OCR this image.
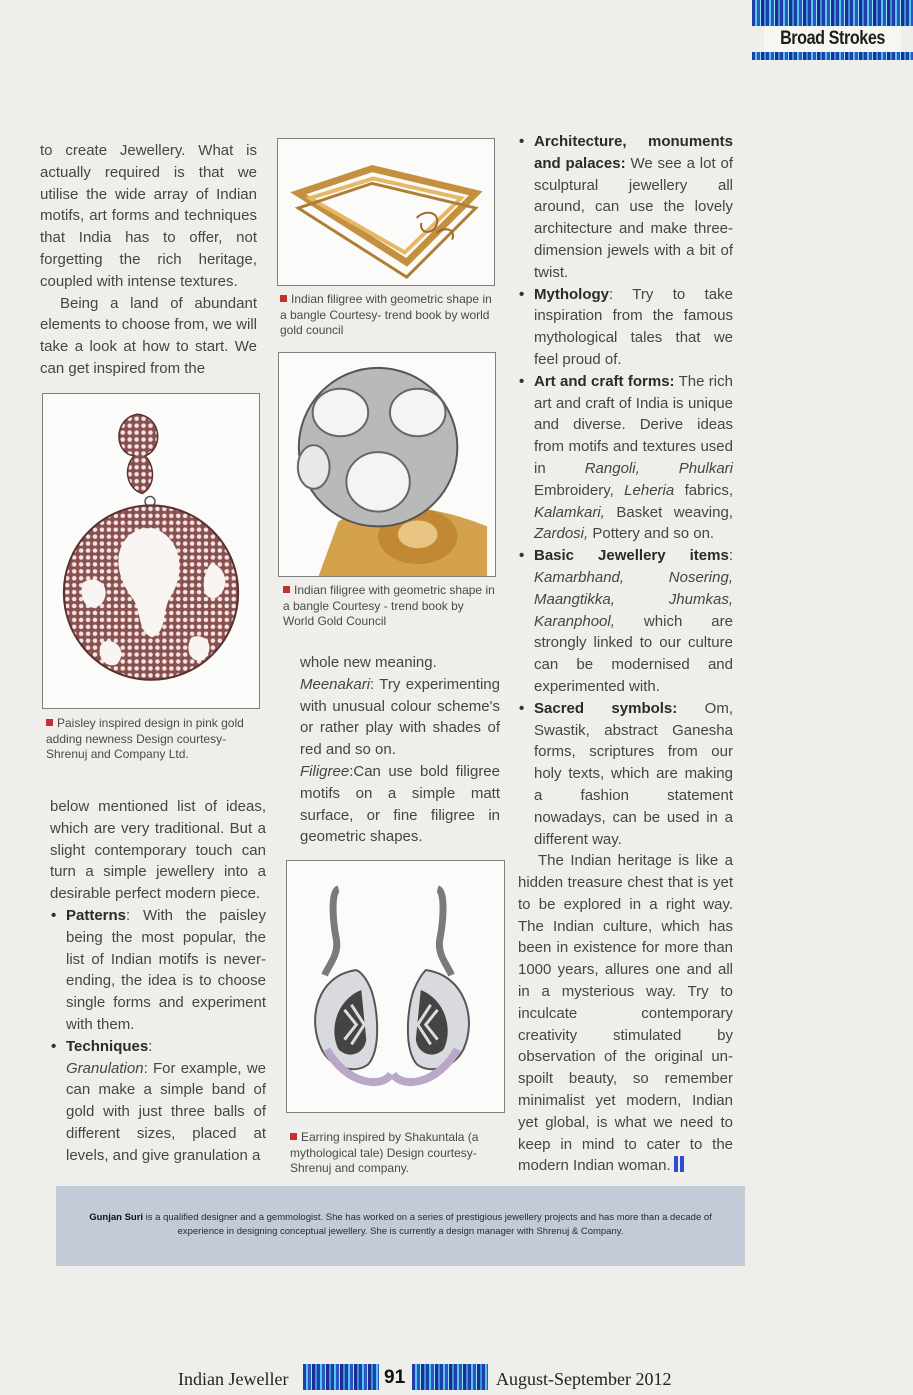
Broad Strokes

to create Jewellery. What is actually required is that we utilise the wide array of Indian motifs, art forms and techniques that India has to offer, not forgetting the rich heritage, coupled with intense textures.

Being a land of abundant elements to choose from, we will take a look at how to start. We can get inspired from the

Paisley inspired design in pink gold adding newness Design courtesy- Shrenuj and Company Ltd.

below mentioned list of ideas, which are very traditional. But a slight contemporary touch can turn a simple jewellery into a desirable perfect modern piece.

• Patterns: With the paisley being the most popular, the list of Indian motifs is never-ending, the idea is to choose single forms and experiment with them.

• Techniques:

Granulation: For example, we can make a simple band of gold with just three balls of different sizes, placed at levels, and give granulation a

Indian filigree with geometric shape in a bangle Courtesy- trend book by world gold council
Indian filigree with geometric shape in a bangle Courtesy - trend book by World Gold Council

whole new meaning.

Meenakari: Try experimenting with unusual colour scheme's or rather play with shades of red and so on.

Filigree:Can use bold filigree motifs on a simple matt surface, or fine filigree in geometric shapes.

Earring inspired by Shakuntala (a mythological tale) Design courtesy- Shrenuj and company.

• Architecture, monuments and palaces: We see a lot of sculptural jewellery all around, can use the lovely architecture and make three-dimension jewels with a bit of twist.

• Mythology: Try to take inspiration from the famous mythological tales that we feel proud of.

• Art and craft forms: The rich art and craft of India is unique and diverse. Derive ideas from motifs and textures used in Rangoli, Phulkari Embroidery, Leheria fabrics, Kalamkari, Basket weaving, Zardosi, Pottery and so on.

• Basic Jewellery items: Kamarbhand, Nosering, Maangtikka, Jhumkas, Karanphool, which are strongly linked to our culture can be modernised and experimented with.

• Sacred symbols: Om, Swastik, abstract Ganesha forms, scriptures from our holy texts, which are making a fashion statement nowadays, can be used in a different way.

The Indian heritage is like a hidden treasure chest that is yet to be explored in a right way. The Indian culture, which has been in existence for more than 1000 years, allures one and all in a mysterious way. Try to inculcate contemporary creativity stimulated by observation of the original un-spoilt beauty, so remember minimalist yet modern, Indian yet global, is what we need to keep in mind to cater to the modern Indian woman.

Gunjan Suri is a qualified designer and a gemmologist. She has worked on a series of prestigious jewellery projects and has more than a decade of experience in designing conceptual jewellery. She is currently a design manager with Shrenuj & Company.
Indian Jeweller	91	August-September 2012
